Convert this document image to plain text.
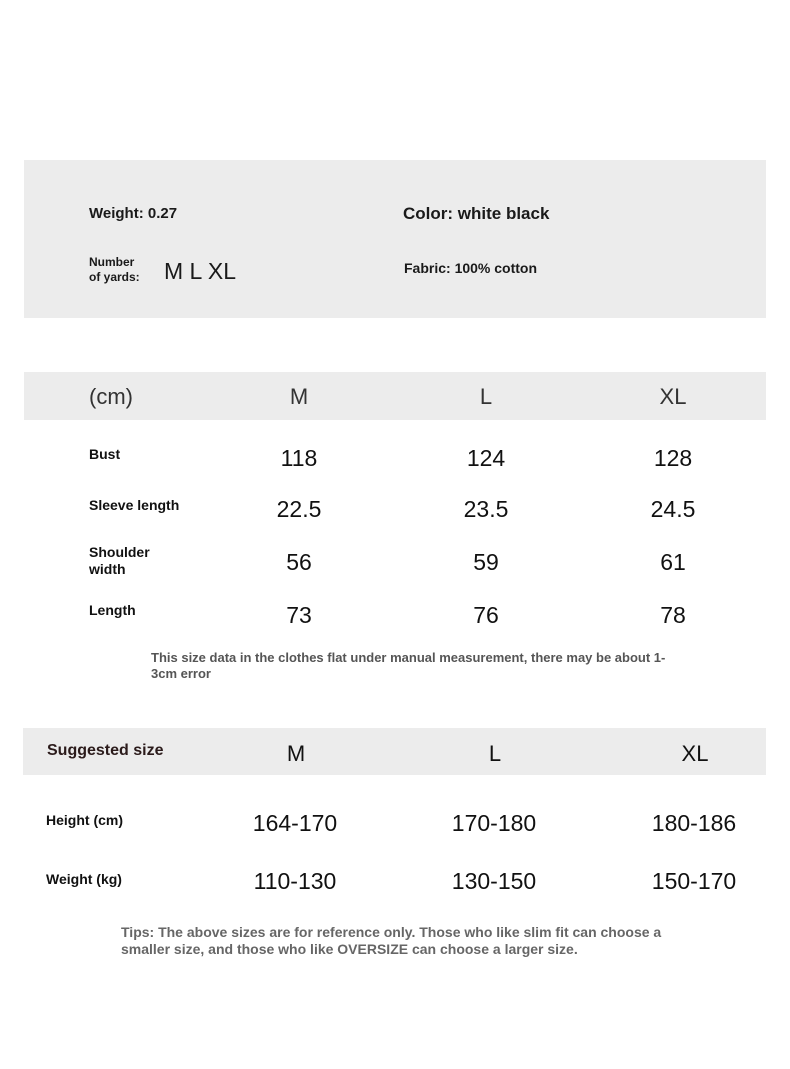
Weight: 0.27	Color: white black
Number
of yards: M L XL	Fabric: 100% cotton
(cm)	M	L	XL
Bust	118	124	128
Sleeve length	22.5	23.5	24.5
Shoulder
width	56	59	61
Length	73	76	78
This size data in the clothes flat under manual measurement, there may be about 1-3cm error
Suggested size	M	L	XL
Height (cm)	164-170	170-180	180-186
Weight (kg)	110-130	130-150	150-170
Tips: The above sizes are for reference only. Those who like slim fit can choose a smaller size, and those who like OVERSIZE can choose a larger size.
